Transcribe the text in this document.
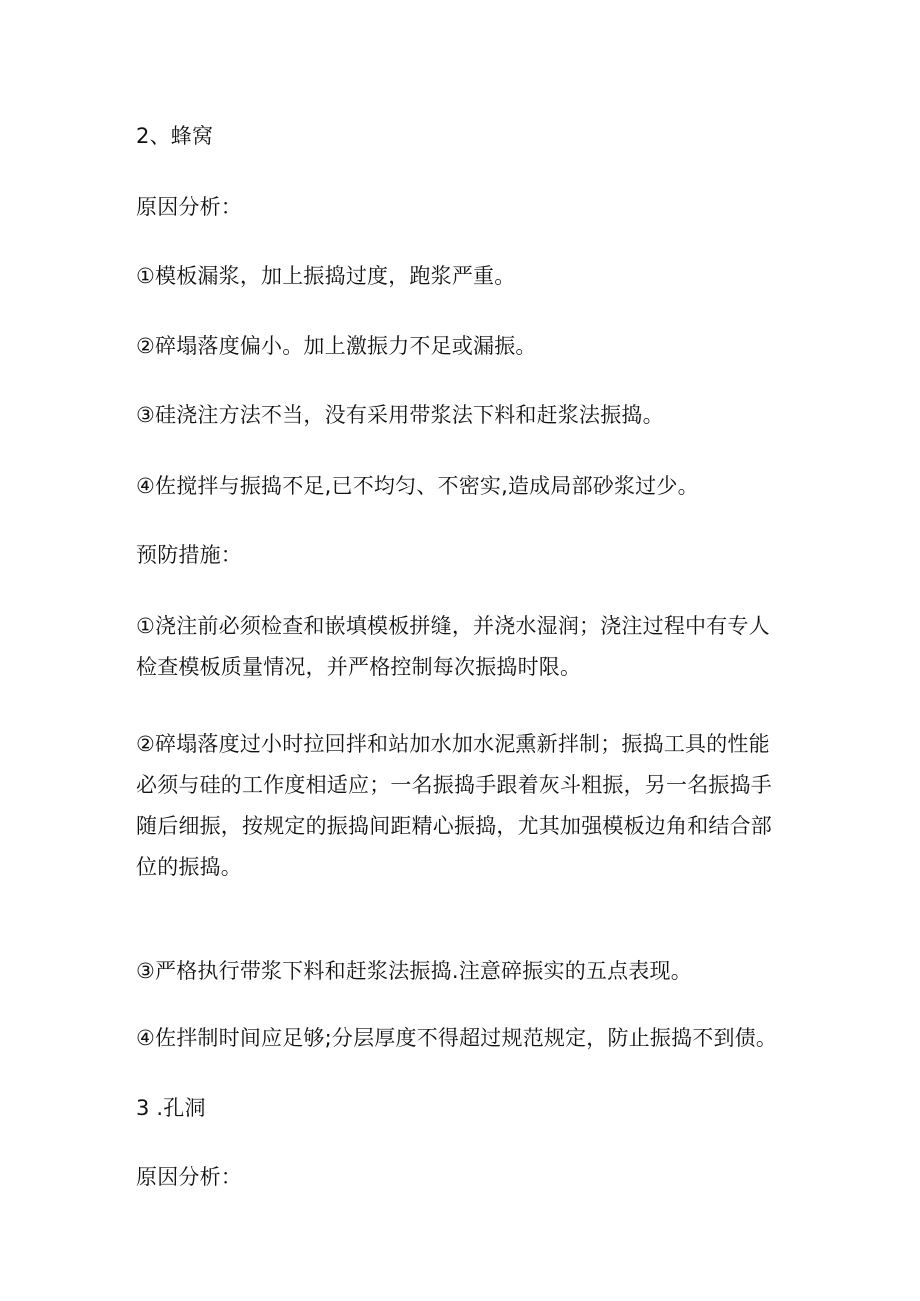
2、蜂窝

原因分析：

①模板漏浆，加上振捣过度，跑浆严重。

②碎塌落度偏小。加上激振力不足或漏振。

③硅浇注方法不当，没有采用带浆法下料和赶浆法振捣。

④佐搅拌与振捣不足,已不均匀、不密实,造成局部砂浆过少。

预防措施：

①浇注前必须检查和嵌填模板拼缝，并浇水湿润；浇注过程中有专人
检查模板质量情况，并严格控制每次振捣时限。
②碎塌落度过小时拉回拌和站加水加水泥熏新拌制；振捣工具的性能
必须与硅的工作度相适应；一名振捣手跟着灰斗粗振，另一名振捣手
随后细振，按规定的振捣间距精心振捣，尤其加强模板边角和结合部
位的振捣。

③严格执行带浆下料和赶浆法振捣.注意碎振实的五点表现。

④佐拌制时间应足够;分层厚度不得超过规范规定，防止振捣不到债。

3 .孔洞

原因分析：
